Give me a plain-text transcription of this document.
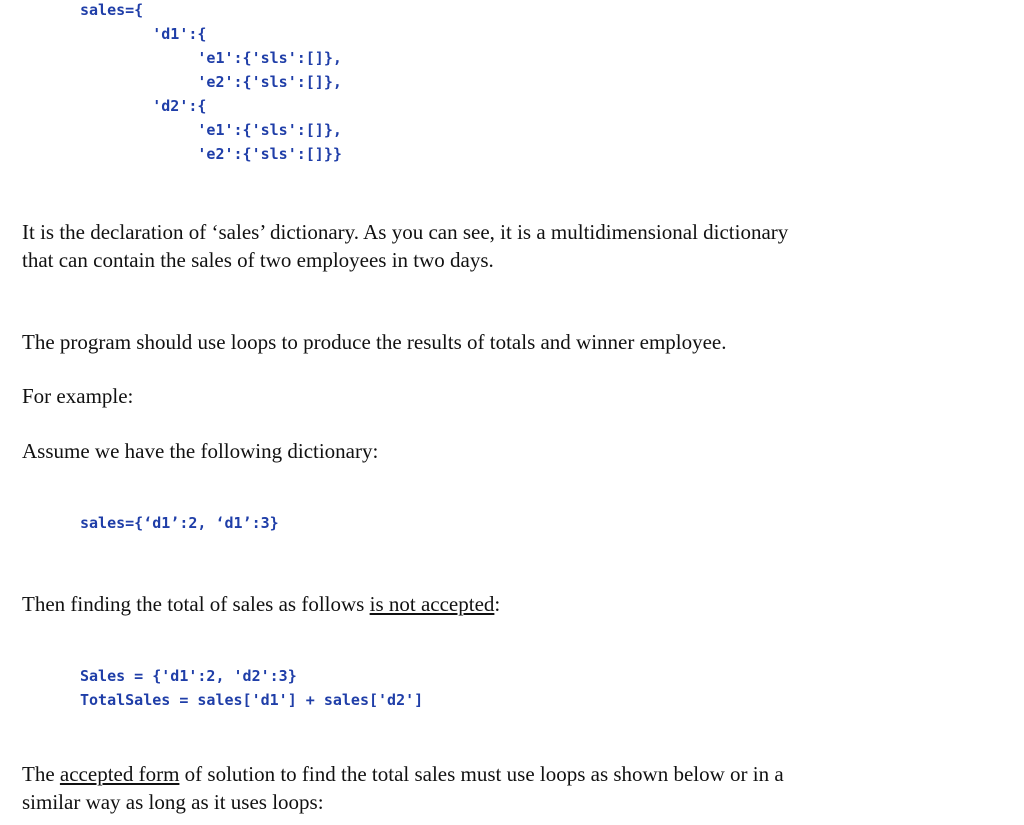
sales={
'd1':{
'e1':{'sls':[]},
'e2':{'sls':[]},
'd2':{
'e1':{'sls':[]},
'e2':{'sls':[]}}

It is the declaration of ‘sales’ dictionary. As you can see, it is a multidimensional dictionary
that can contain the sales of two employees in two days.

The program should use loops to produce the results of totals and winner employee.

For example:

Assume we have the following dictionary:

sales={‘d1’:2, ‘d1’:3}

Then finding the total of sales as follows is not accepted:

Sales = {'d1':2, 'd2':3}
TotalSales = sales['d1'] + sales['d2']

The accepted form of solution to find the total sales must use loops as shown below or in a
similar way as long as it uses loops:
